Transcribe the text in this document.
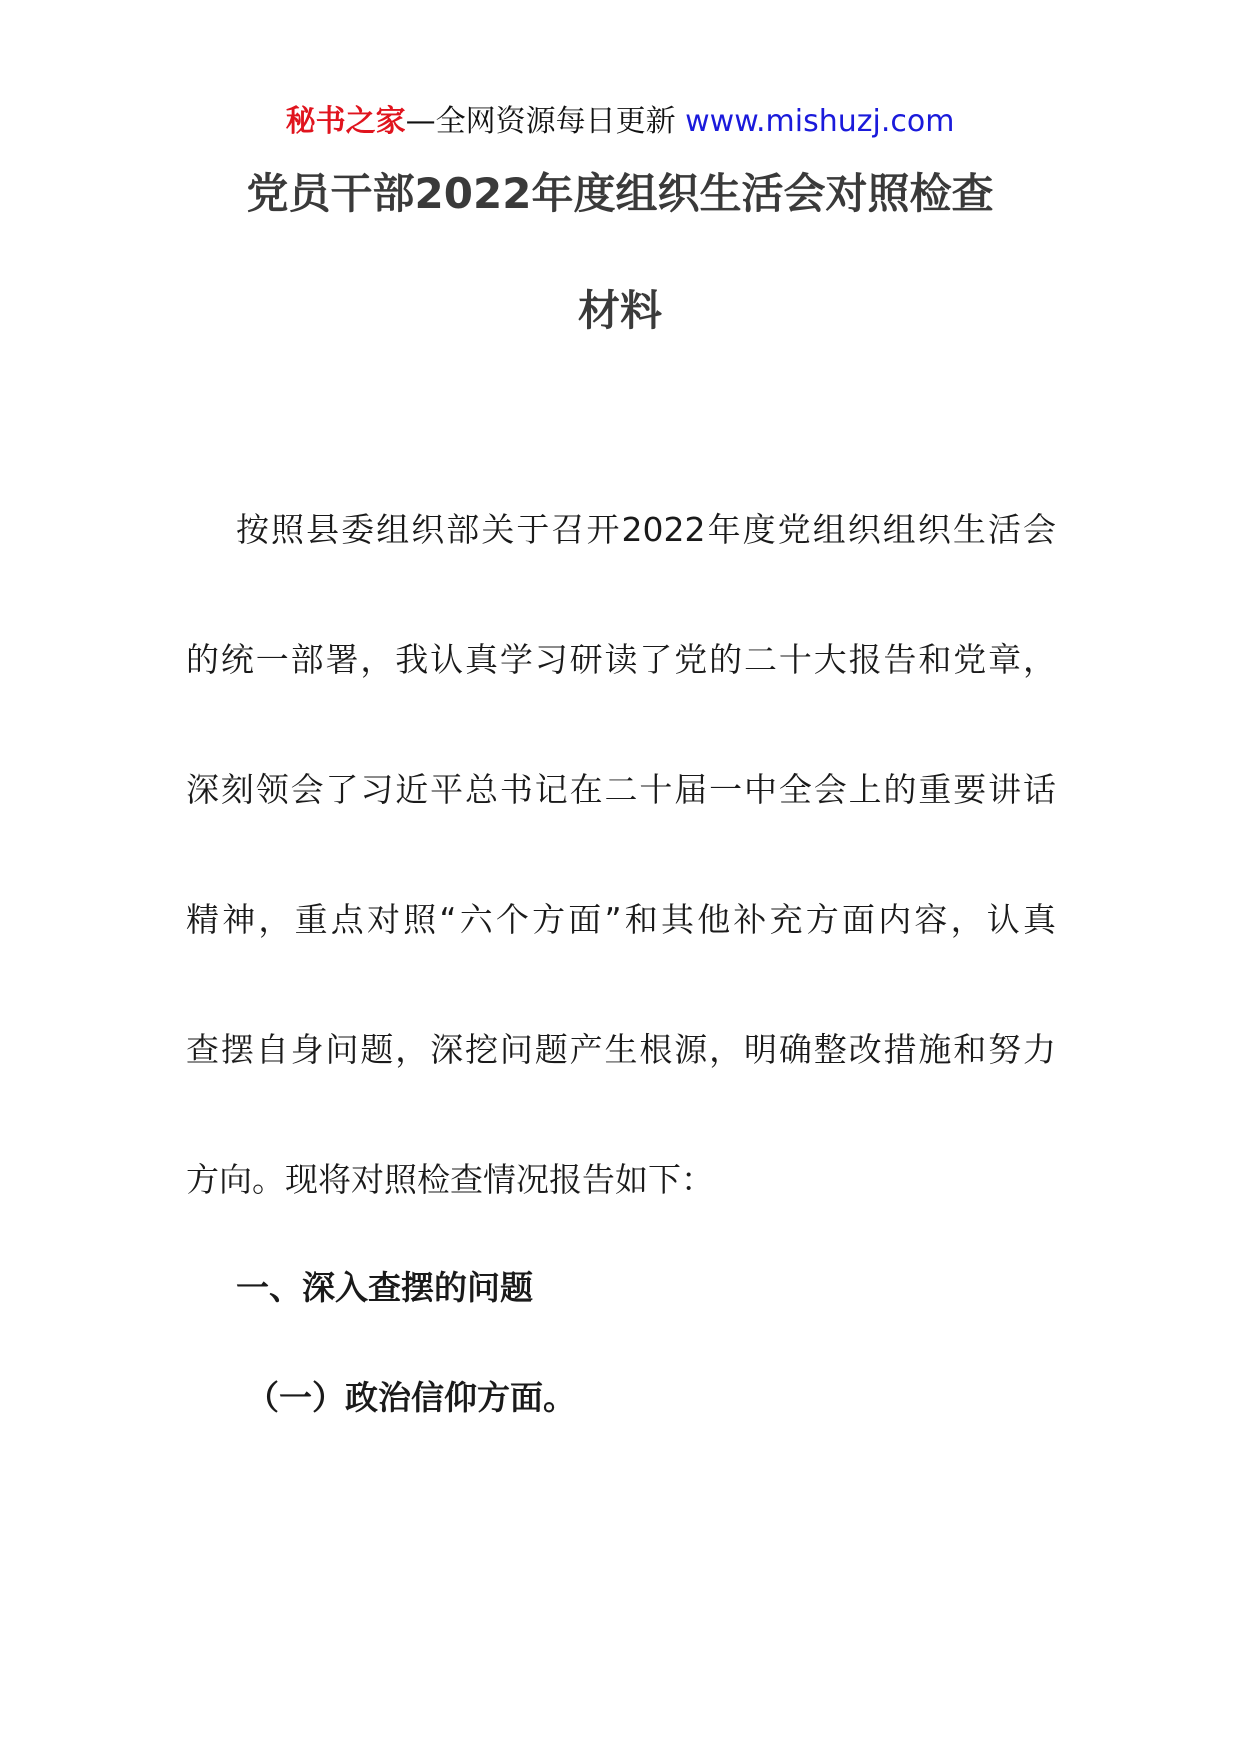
秘书之家—全网资源每日更新 www.mishuzj.com
党员干部2022年度组织生活会对照检查
材料
按照县委组织部关于召开2022年度党组织组织生活会
的统一部署，我认真学习研读了党的二十大报告和党章，
深刻领会了习近平总书记在二十届一中全会上的重要讲话
精神，重点对照“六个方面”和其他补充方面内容，认真
查摆自身问题，深挖问题产生根源，明确整改措施和努力
方向。现将对照检查情况报告如下：
一、深入查摆的问题
（一）政治信仰方面。
